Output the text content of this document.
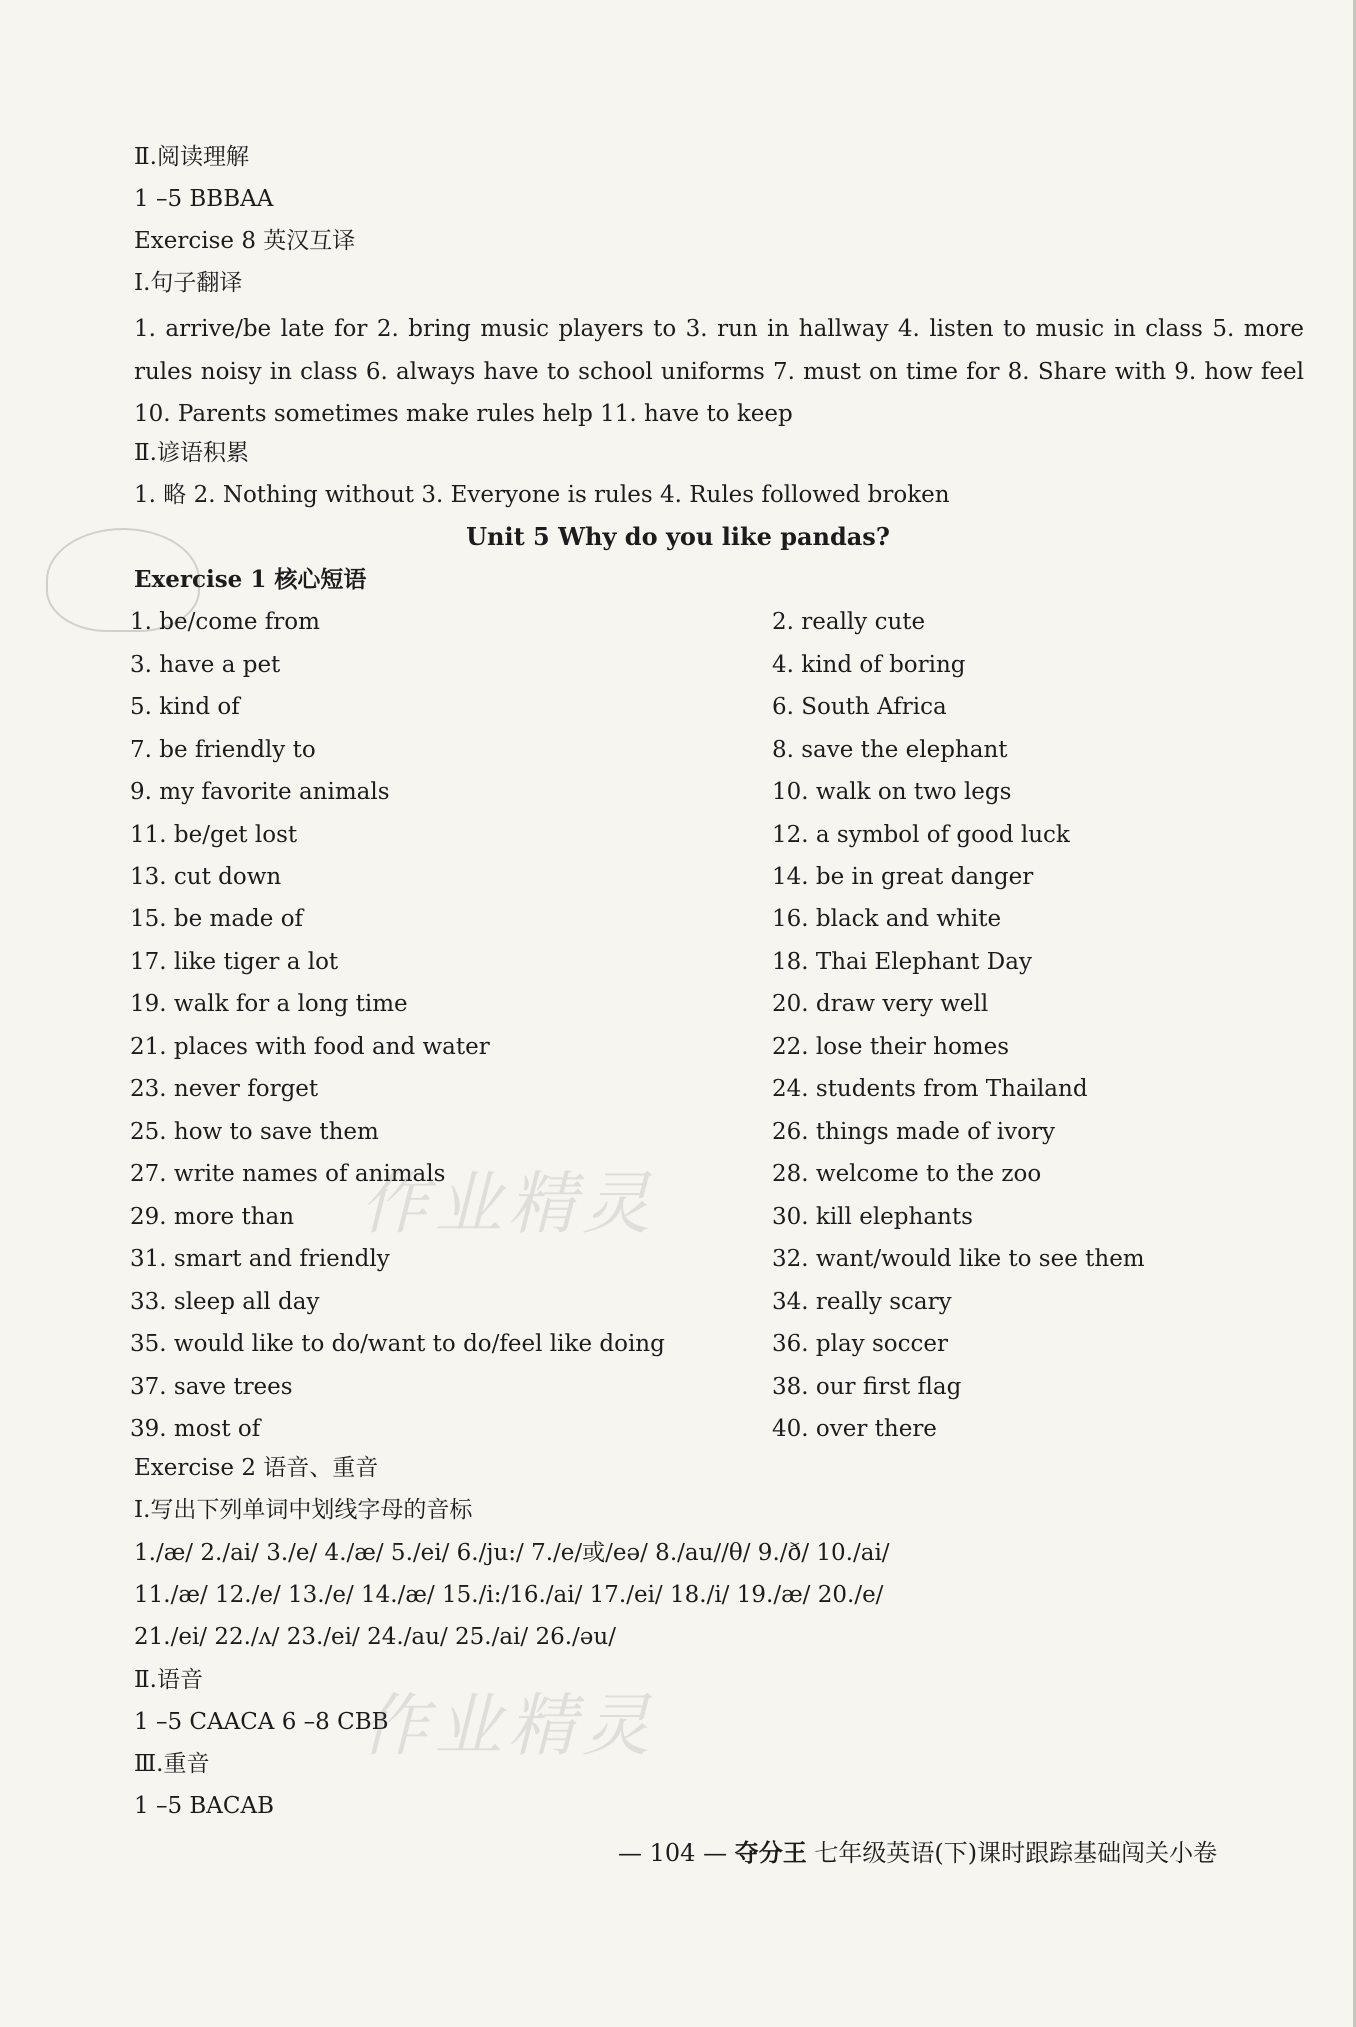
Ⅱ.阅读理解
1 –5 BBBAA
Exercise 8 英汉互译
Ⅰ.句子翻译
1. arrive/be late for 2. bring music players to 3. run in hallway 4. listen to music in class 5. more rules noisy in class 6. always have to school uniforms 7. must on time for 8. Share with 9. how feel 10. Parents sometimes make rules help 11. have to keep
Ⅱ.谚语积累
1. 略 2. Nothing without 3. Everyone is rules 4. Rules followed broken
Unit 5 Why do you like pandas?
Exercise 1 核心短语
1. be/come from
3. have a pet
5. kind of
7. be friendly to
9. my favorite animals
11. be/get lost
13. cut down
15. be made of
17. like tiger a lot
19. walk for a long time
21. places with food and water
23. never forget
25. how to save them
27. write names of animals
29. more than
31. smart and friendly
33. sleep all day
35. would like to do/want to do/feel like doing
37. save trees
39. most of
2. really cute
4. kind of boring
6. South Africa
8. save the elephant
10. walk on two legs
12. a symbol of good luck
14. be in great danger
16. black and white
18. Thai Elephant Day
20. draw very well
22. lose their homes
24. students from Thailand
26. things made of ivory
28. welcome to the zoo
30. kill elephants
32. want/would like to see them
34. really scary
36. play soccer
38. our first flag
40. over there
Exercise 2 语音、重音
Ⅰ.写出下列单词中划线字母的音标
1./æ/ 2./ai/ 3./e/ 4./æ/ 5./ei/ 6./ju:/ 7./e/或/eə/ 8./au//θ/ 9./ð/ 10./ai/
11./æ/ 12./e/ 13./e/ 14./æ/ 15./i:/16./ai/ 17./ei/ 18./i/ 19./æ/ 20./e/
21./ei/ 22./ʌ/ 23./ei/ 24./au/ 25./ai/ 26./əu/
Ⅱ.语音
1 –5 CAACA 6 –8 CBB
Ⅲ.重音
1 –5 BACAB
作业精灵
作业精灵
— 104 — 夺分王 七年级英语(下)课时跟踪基础闯关小卷
